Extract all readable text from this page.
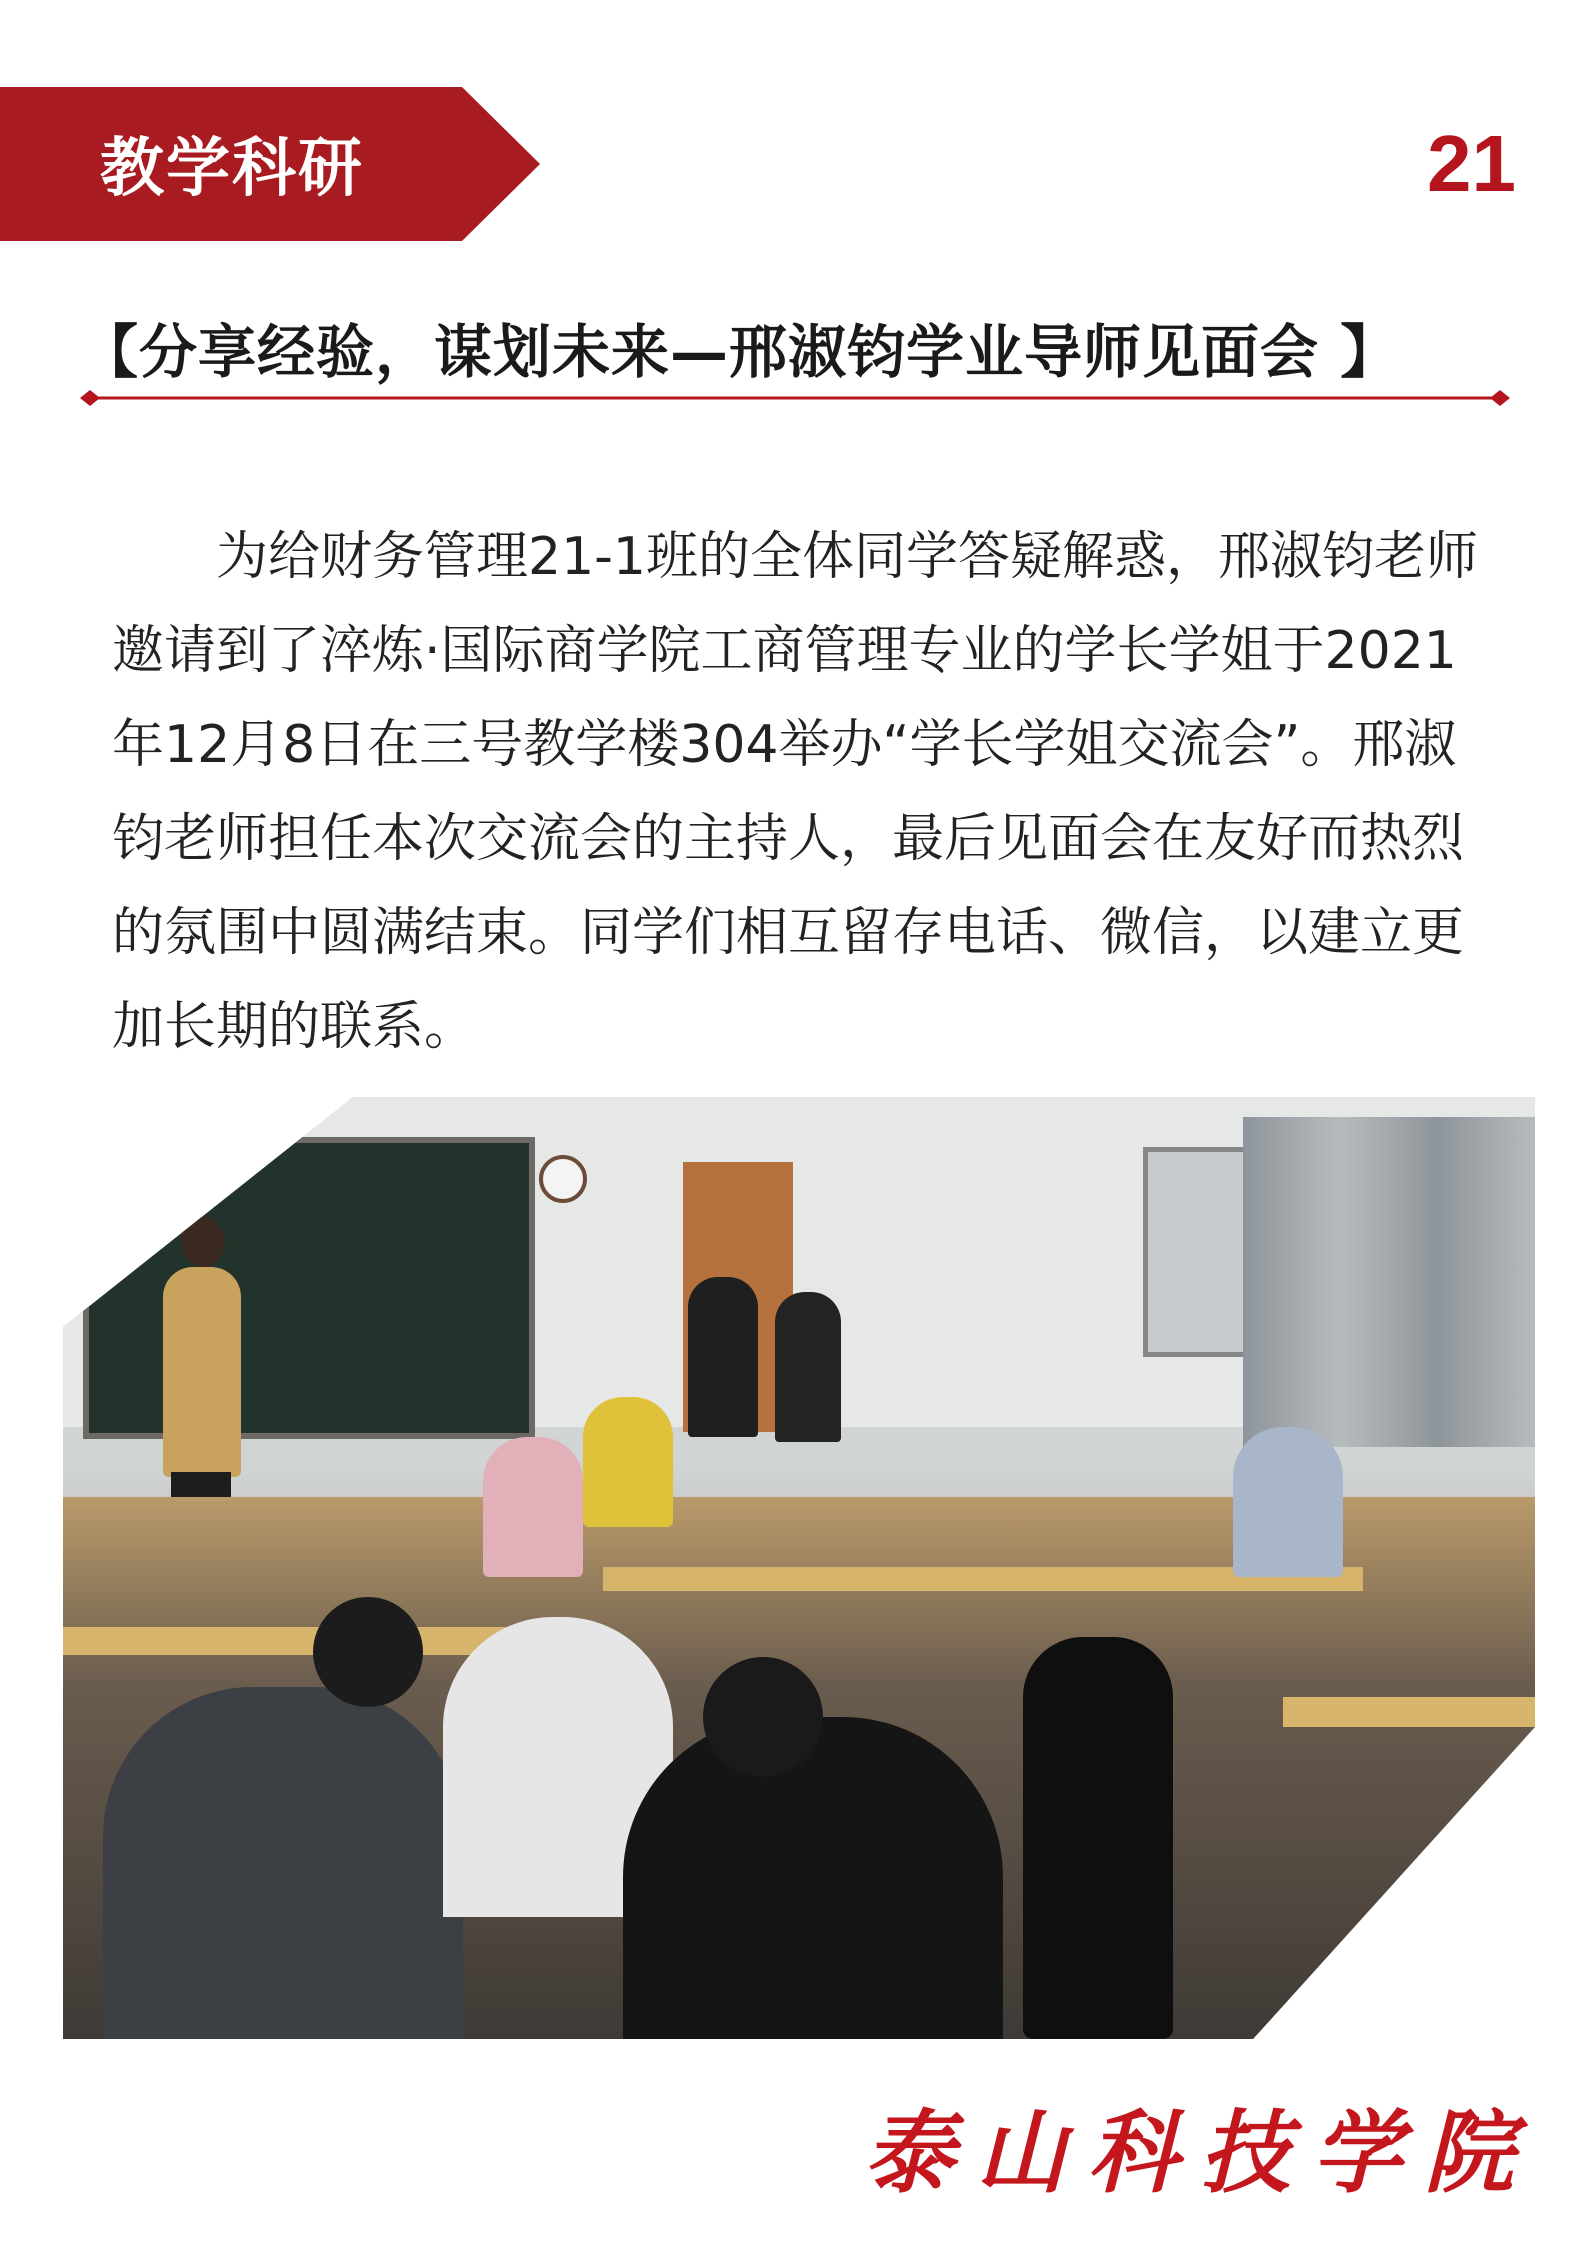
教学科研	21
【分享经验，谋划未来—邢淑钧学业导师见面会 】

为给财务管理21-1班的全体同学答疑解惑，邢淑钧老师邀请到了淬炼·国际商学院工商管理专业的学长学姐于2021年12月8日在三号教学楼304举办“学长学姐交流会”。邢淑钧老师担任本次交流会的主持人，最后见面会在友好而热烈的氛围中圆满结束。同学们相互留存电话、微信，以建立更加长期的联系。

泰山科技学院
